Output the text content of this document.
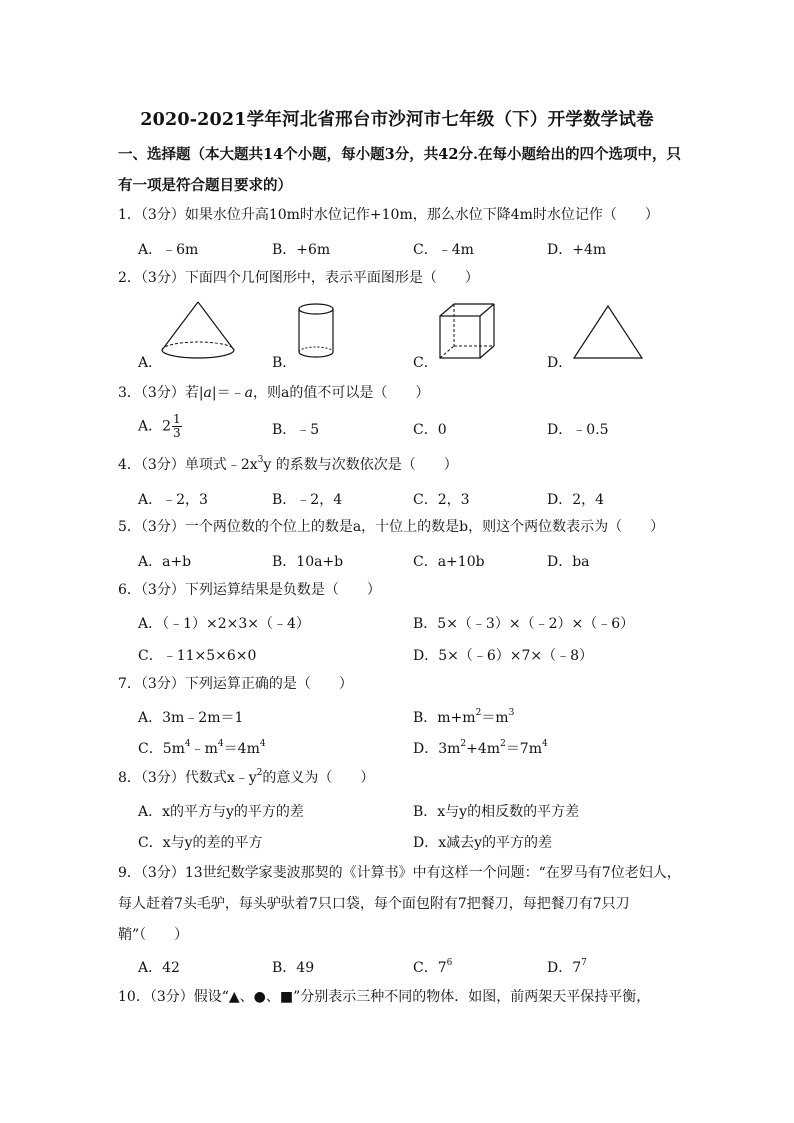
2020-2021学年河北省邢台市沙河市七年级（下）开学数学试卷
一、选择题（本大题共14个小题，每小题3分，共42分.在每小题给出的四个选项中，只有一项是符合题目要求的）
1．（3分）如果水位升高10m时水位记作+10m，那么水位下降4m时水位记作（　　）
A．﹣6m	B．+6m	C．﹣4m	D．+4m
2．（3分）下面四个几何图形中，表示平面图形是（　　）
A．	B．	C．	D．
3．（3分）若|a|＝﹣a，则a的值不可以是（　　）
A．$2 \frac{1}{3}$	B．﹣5	C．0	D．﹣0.5
4．（3分）单项式$﹣2x^3y$ 的系数与次数依次是（　　）
A．﹣2，3	B．﹣2，4	C．2，3	D．2，4
5．（3分）一个两位数的个位上的数是a，十位上的数是b，则这个两位数表示为（　　）
A．a+b	B．10a+b	C．a+10b	D．ba
6．（3分）下列运算结果是负数是（　　）
A．（﹣1）×2×3×（﹣4）	B．5×（﹣3）×（﹣2）×（﹣6）
C．﹣11×5×6×0	D．5×（﹣6）×7×（﹣8）
7．（3分）下列运算正确的是（　　）
A．3m﹣2m＝1	B．$m+m^2=m^3$
C．$5m^4﹣m^4=4m^4$	D．$3m^2+4m^2=7m^4$
8．（3分）代数式$x﹣y^2$的意义为（　　）
A．x的平方与y的平方的差	B．x与y的相反数的平方差
C．x与y的差的平方	D．x减去y的平方的差
9．（3分）13世纪数学家斐波那契的《计算书》中有这样一个问题：“在罗马有7位老妇人，每人赶着7头毛驴，每头驴驮着7只口袋，每个面包附有7把餐刀，每把餐刀有7只刀鞘”（　　）
A．42	B．49	C．$7^6$	D．$7^7$
10．（3分）假设“▲、●、■”分别表示三种不同的物体．如图，前两架天平保持平衡，
